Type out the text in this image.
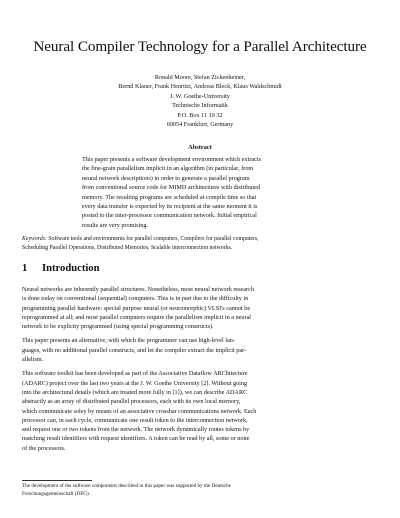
Neural Compiler Technology for a Parallel Architecture
Ronald Moore, Stefan Zickenheiner,
Bernd Klauer, Frank Henritzi, Andreas Bleck, Klaus Waldschmidt
J. W. Goethe-University
Technische Informatik
P.O. Box 11 19 32
60054 Frankfurt, Germany
Abstract
This paper presents a software development environment which extracts
the fine-grain parallelism implicit in an algorithm (in particular, from
neural network descriptions) in order to generate a parallel program
from conventional source code for MIMD architectures with distributed
memory. The resulting programs are scheduled at compile time so that
every data transfer is expected by its recipient at the same moment it is
posted to the inter-processor communication network. Initial empirical
results are very promising.
Keywords: Software tools and environments for parallel computers, Compilers for parallel computers,
Scheduling Parallel Operations, Distributed Memories, Scalable interconnection networks.
1 Introduction
Neural networks are inherently parallel structures. Nonetheless, most neural network research
is done today on conventional (sequential) computers. This is in part due to the difficulty in
programming parallel hardware: special purpose neural (or neuromorphic) VLSI's cannot be
reprogrammed at all; and most parallel computers require the parallelism implicit in a neural
network to be explicity programmed (using special programming constructs).
This paper presents an alternative, with which the programmer can use high-level lan-
guages, with no additional parallel constructs, and let the compiler extract the implicit par-
allelism.
This software toolkit has been developed as part of the Associative Dataflow ARChitecture
(ADARC) project over the last two years at the J. W. Goethe University [2]. Without going
into the architectural details (which are treated more fully in [1]), we can describe ADARC
abstractly as an array of distributed parallel processors, each with its own local memory,
which communicate soley by means of an associative crossbar communications network. Each
processor can, in each cycle, communicate one result token to the interconnection network,
and request one or two tokens from the network. The network dynamically routes tokens by
matching result identifiers with request identifiers. A token can be read by all, some or none
of the processors.
The development of the software components described in this paper was supported by the Deutsche
Forschungsgemeinschaft (DFG).
